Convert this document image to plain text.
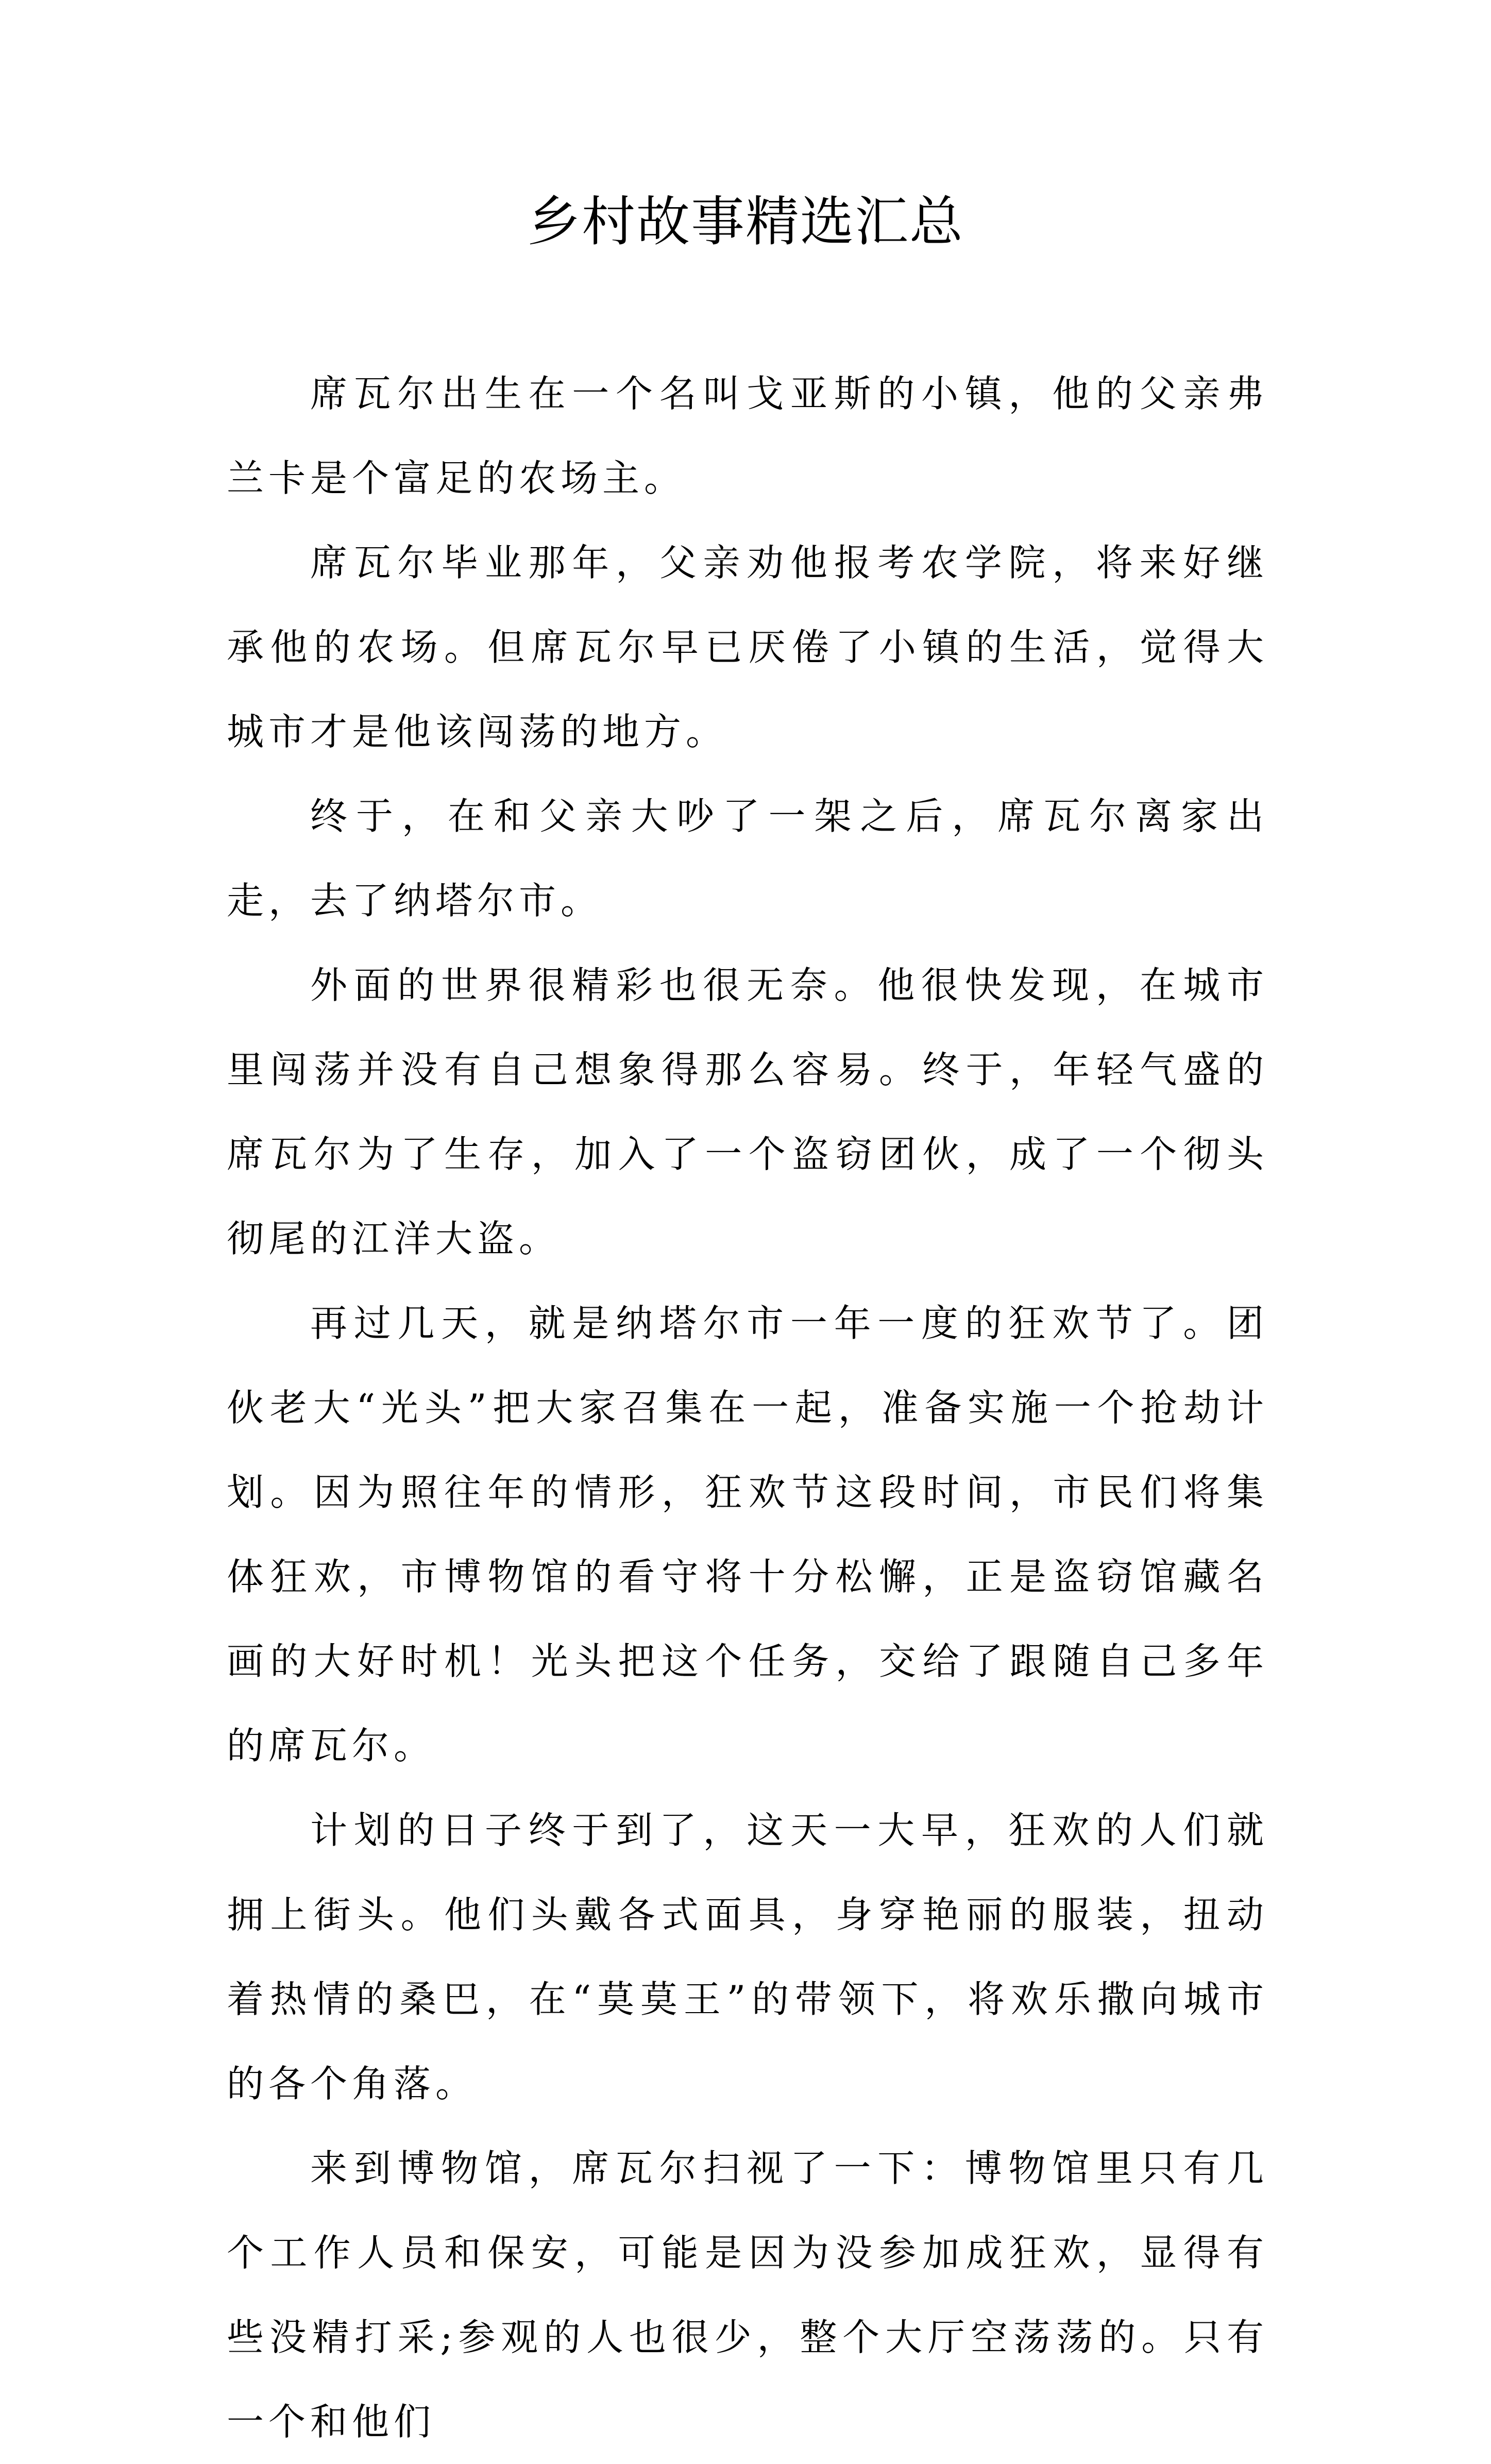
乡村故事精选汇总

席瓦尔出生在一个名叫戈亚斯的小镇，他的父亲弗兰卡是个富足的农场主。

席瓦尔毕业那年，父亲劝他报考农学院，将来好继承他的农场。但席瓦尔早已厌倦了小镇的生活，觉得大城市才是他该闯荡的地方。

终于，在和父亲大吵了一架之后，席瓦尔离家出走，去了纳塔尔市。

外面的世界很精彩也很无奈。他很快发现，在城市里闯荡并没有自己想象得那么容易。终于，年轻气盛的席瓦尔为了生存，加入了一个盗窃团伙，成了一个彻头彻尾的江洋大盗。

再过几天，就是纳塔尔市一年一度的狂欢节了。团伙老大“光头”把大家召集在一起，准备实施一个抢劫计划。因为照往年的情形，狂欢节这段时间，市民们将集体狂欢，市博物馆的看守将十分松懈，正是盗窃馆藏名画的大好时机！光头把这个任务，交给了跟随自己多年的席瓦尔。

计划的日子终于到了，这天一大早，狂欢的人们就拥上街头。他们头戴各式面具，身穿艳丽的服装，扭动着热情的桑巴，在“莫莫王”的带领下，将欢乐撒向城市的各个角落。

来到博物馆，席瓦尔扫视了一下：博物馆里只有几个工作人员和保安，可能是因为没参加成狂欢，显得有些没精打采;参观的人也很少，整个大厅空荡荡的。只有一个和他们
